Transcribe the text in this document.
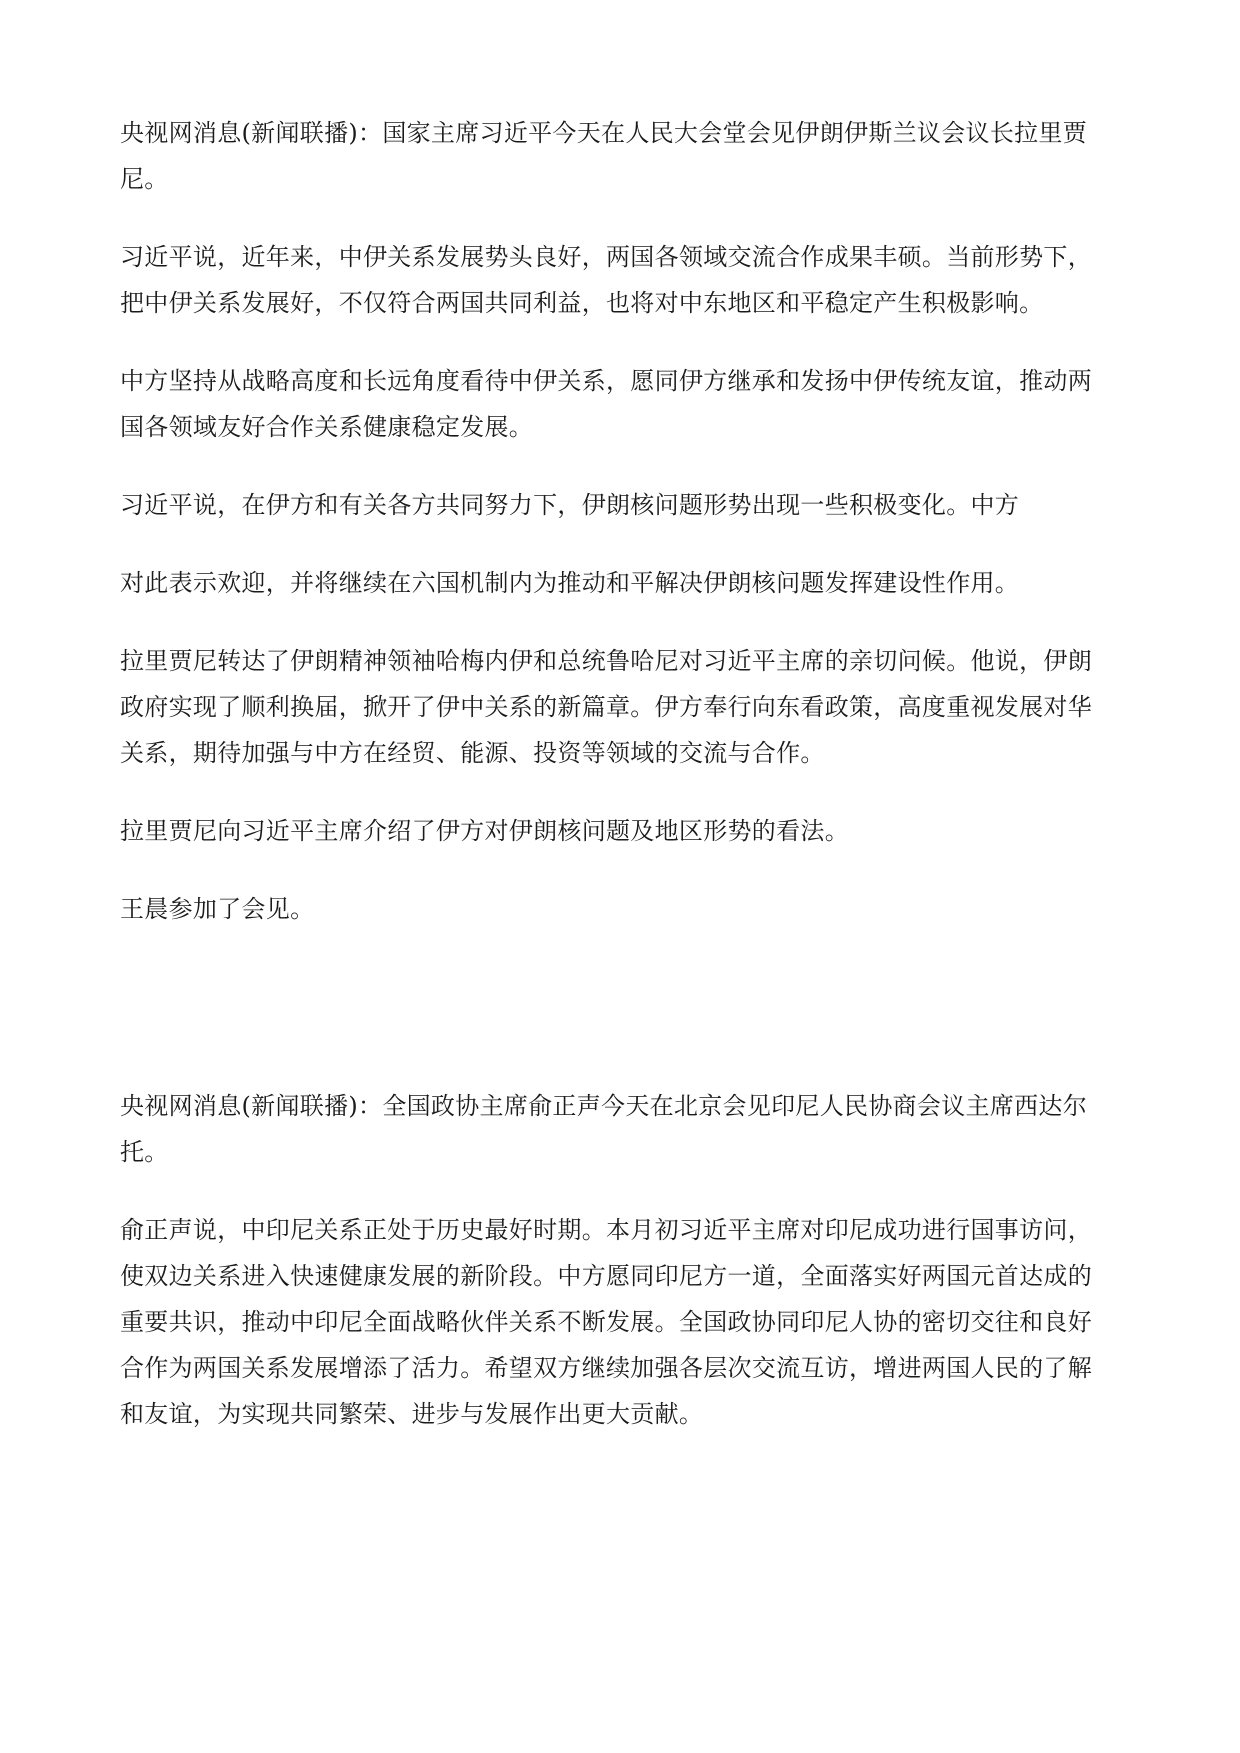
央视网消息(新闻联播)：国家主席习近平今天在人民大会堂会见伊朗伊斯兰议会议长拉里贾
尼。
习近平说，近年来，中伊关系发展势头良好，两国各领域交流合作成果丰硕。当前形势下，
把中伊关系发展好，不仅符合两国共同利益，也将对中东地区和平稳定产生积极影响。
中方坚持从战略高度和长远角度看待中伊关系，愿同伊方继承和发扬中伊传统友谊，推动两
国各领域友好合作关系健康稳定发展。
习近平说，在伊方和有关各方共同努力下，伊朗核问题形势出现一些积极变化。中方
对此表示欢迎，并将继续在六国机制内为推动和平解决伊朗核问题发挥建设性作用。
拉里贾尼转达了伊朗精神领袖哈梅内伊和总统鲁哈尼对习近平主席的亲切问候。他说，伊朗
政府实现了顺利换届，掀开了伊中关系的新篇章。伊方奉行向东看政策，高度重视发展对华
关系，期待加强与中方在经贸、能源、投资等领域的交流与合作。
拉里贾尼向习近平主席介绍了伊方对伊朗核问题及地区形势的看法。
王晨参加了会见。
央视网消息(新闻联播)：全国政协主席俞正声今天在北京会见印尼人民协商会议主席西达尔
托。
俞正声说，中印尼关系正处于历史最好时期。本月初习近平主席对印尼成功进行国事访问，
使双边关系进入快速健康发展的新阶段。中方愿同印尼方一道，全面落实好两国元首达成的
重要共识，推动中印尼全面战略伙伴关系不断发展。全国政协同印尼人协的密切交往和良好
合作为两国关系发展增添了活力。希望双方继续加强各层次交流互访，增进两国人民的了解
和友谊，为实现共同繁荣、进步与发展作出更大贡献。
